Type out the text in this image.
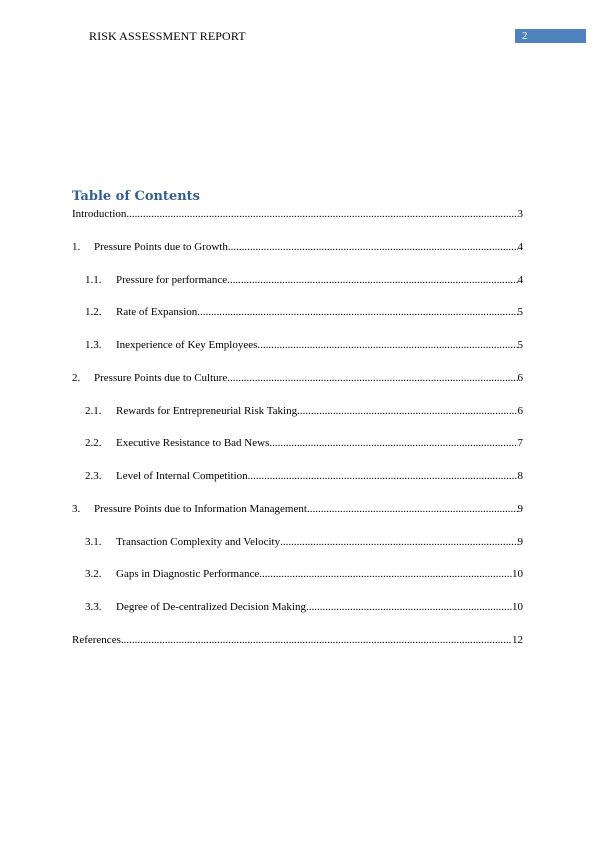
RISK ASSESSMENT REPORT	2
Table of Contents
Introduction .....	3
1.	Pressure Points due to Growth .....	4
1.1.	Pressure for performance .....	4
1.2.	Rate of Expansion .....	5
1.3.	Inexperience of Key Employees .....	5
2.	Pressure Points due to Culture .....	6
2.1.	Rewards for Entrepreneurial Risk Taking .....	6
2.2.	Executive Resistance to Bad News .....	7
2.3.	Level of Internal Competition .....	8
3.	Pressure Points due to Information Management .....	9
3.1.	Transaction Complexity and Velocity .....	9
3.2.	Gaps in Diagnostic Performance .....	10
3.3.	Degree of De-centralized Decision Making .....	10
References .....	12
